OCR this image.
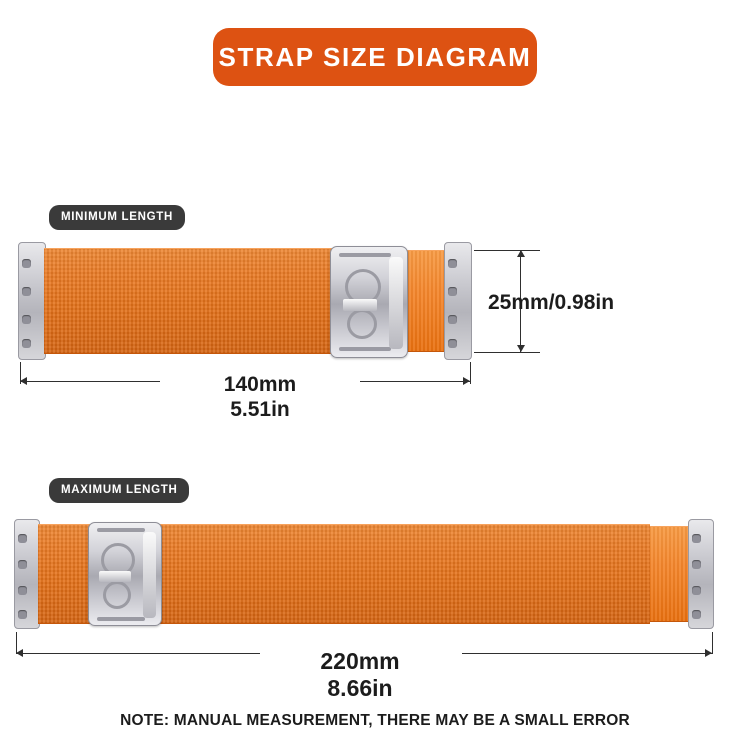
STRAP SIZE DIAGRAM
MINIMUM LENGTH
25mm/0.98in
140mm
5.51in
MAXIMUM LENGTH
220mm
8.66in
NOTE: MANUAL MEASUREMENT, THERE MAY BE A SMALL ERROR
